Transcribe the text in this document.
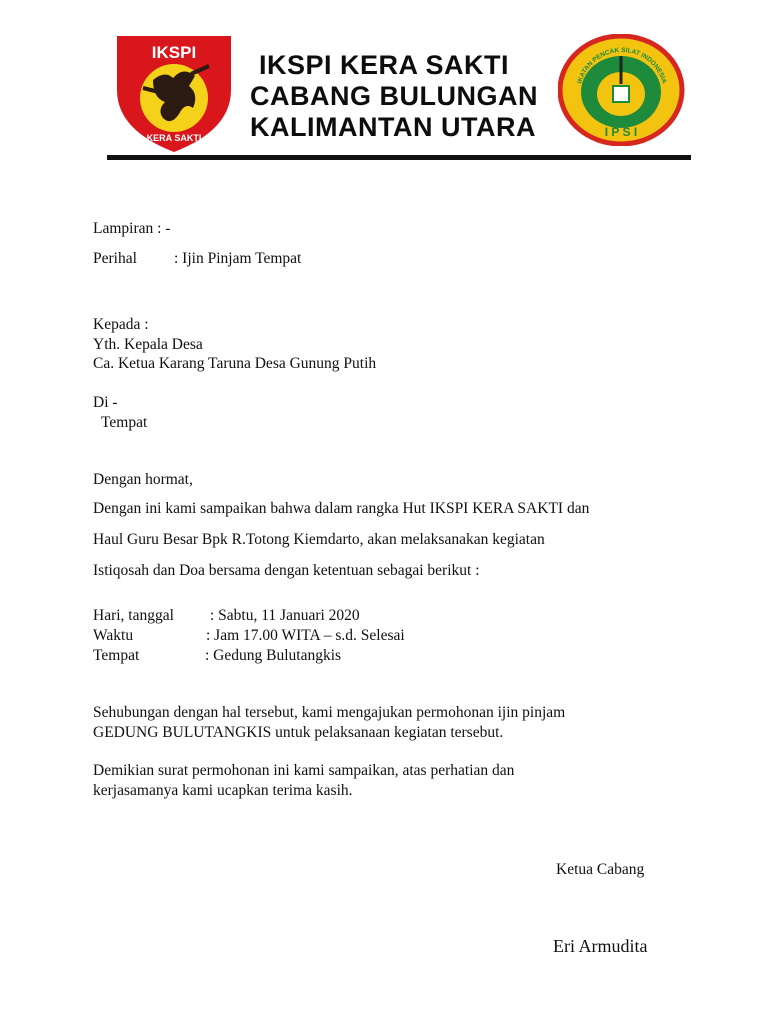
IKSPI
KERA SAKTI
IKSPI KERA SAKTI
CABANG BULUNGAN
KALIMANTAN UTARA
IKATAN PENCAK SILAT INDONESIA
I P S I
Lampiran : -
Perihal : Ijin Pinjam Tempat
Kepada :
Yth. Kepala Desa
Ca. Ketua Karang Taruna Desa Gunung Putih
Di -
Tempat
Dengan hormat,
Dengan ini kami sampaikan bahwa dalam rangka Hut IKSPI KERA SAKTI dan
Haul Guru Besar Bpk R.Totong Kiemdarto, akan melaksanakan kegiatan
Istiqosah dan Doa bersama dengan ketentuan sebagai berikut :
Hari, tanggal : Sabtu, 11 Januari 2020
Waktu	: Jam 17.00 WITA – s.d. Selesai
Tempat	: Gedung Bulutangkis
Sehubungan dengan hal tersebut, kami mengajukan permohonan ijin pinjam
GEDUNG BULUTANGKIS untuk pelaksanaan kegiatan tersebut.
Demikian surat permohonan ini kami sampaikan, atas perhatian dan
kerjasamanya kami ucapkan terima kasih.
Ketua Cabang
Eri Armudita
